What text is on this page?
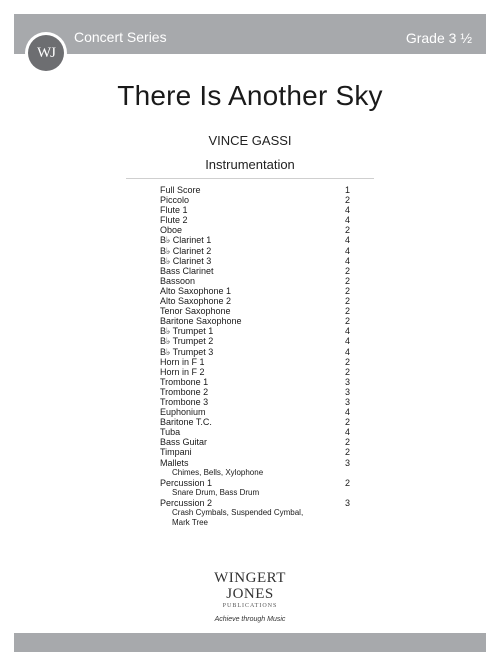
Concert Series	Grade 3 ½
WJ
There Is Another Sky
VINCE GASSI
Instrumentation
Full Score	1
Piccolo	2
Flute 1	4
Flute 2	4
Oboe	2
B♭ Clarinet 1	4
B♭ Clarinet 2	4
B♭ Clarinet 3	4
Bass Clarinet	2
Bassoon	2
Alto Saxophone 1	2
Alto Saxophone 2	2
Tenor Saxophone	2
Baritone Saxophone	2
B♭ Trumpet 1	4
B♭ Trumpet 2	4
B♭ Trumpet 3	4
Horn in F 1	2
Horn in F 2	2
Trombone 1	3
Trombone 2	3
Trombone 3	3
Euphonium	4
Baritone T.C.	2
Tuba	4
Bass Guitar	2
Timpani	2
Mallets	3
Chimes, Bells, Xylophone
Percussion 1	2
Snare Drum, Bass Drum
Percussion 2	3
Crash Cymbals, Suspended Cymbal,
Mark Tree
WINGERT
JONES
PUBLICATIONS
Achieve through Music
